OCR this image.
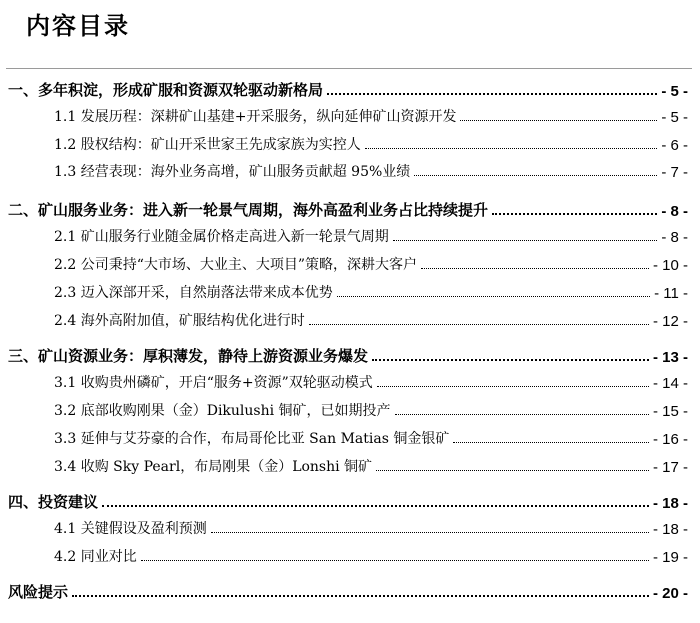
内容目录
一、多年积淀，形成矿服和资源双轮驱动新格局	- 5 -
1.1 发展历程：深耕矿山基建+开采服务，纵向延伸矿山资源开发	- 5 -
1.2 股权结构：矿山开采世家王先成家族为实控人	- 6 -
1.3 经营表现：海外业务高增，矿山服务贡献超 95%业绩	- 7 -
二、矿山服务业务：进入新一轮景气周期，海外高盈利业务占比持续提升	- 8 -
2.1 矿山服务行业随金属价格走高进入新一轮景气周期	- 8 -
2.2 公司秉持“大市场、大业主、大项目”策略，深耕大客户	- 10 -
2.3 迈入深部开采，自然崩落法带来成本优势	- 11 -
2.4 海外高附加值，矿服结构优化进行时	- 12 -
三、矿山资源业务：厚积薄发，静待上游资源业务爆发	- 13 -
3.1 收购贵州磷矿，开启“服务+资源”双轮驱动模式	- 14 -
3.2 底部收购刚果（金）Dikulushi 铜矿，已如期投产	- 15 -
3.3 延伸与艾芬豪的合作，布局哥伦比亚 San Matias 铜金银矿	- 16 -
3.4 收购 Sky Pearl，布局刚果（金）Lonshi 铜矿	- 17 -
四、投资建议	- 18 -
4.1 关键假设及盈利预测	- 18 -
4.2 同业对比	- 19 -
风险提示	- 20 -
